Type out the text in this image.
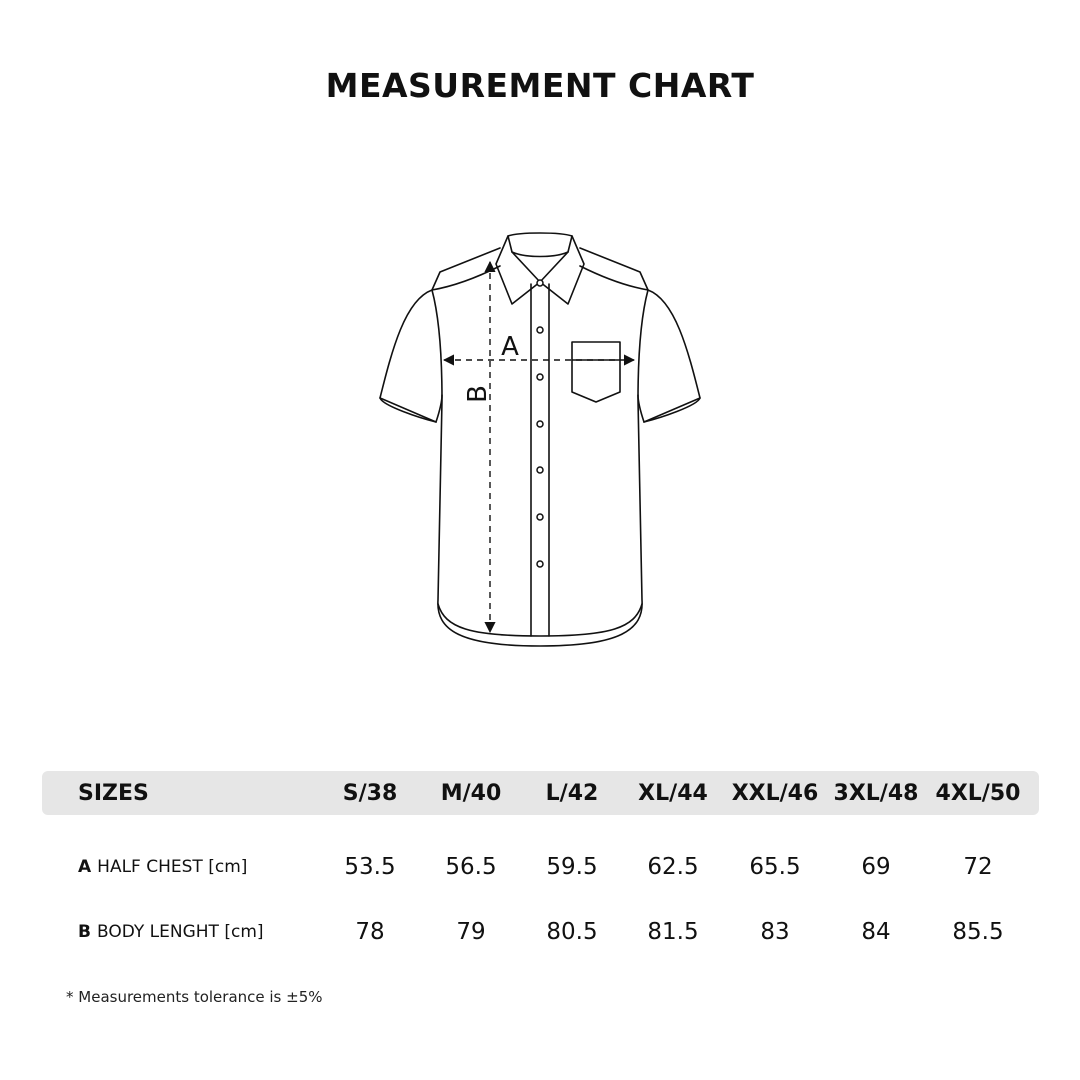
MEASUREMENT CHART
A
B
SIZES	S/38	M/40	L/42	XL/44	XXL/46 3XL/48 4XL/50
A HALF CHEST [cm]	53.5	56.5	59.5	62.5	65.5	69	72
B BODY LENGHT [cm]	78	79	80.5	81.5	83	84	85.5
* Measurements tolerance is ±5%
